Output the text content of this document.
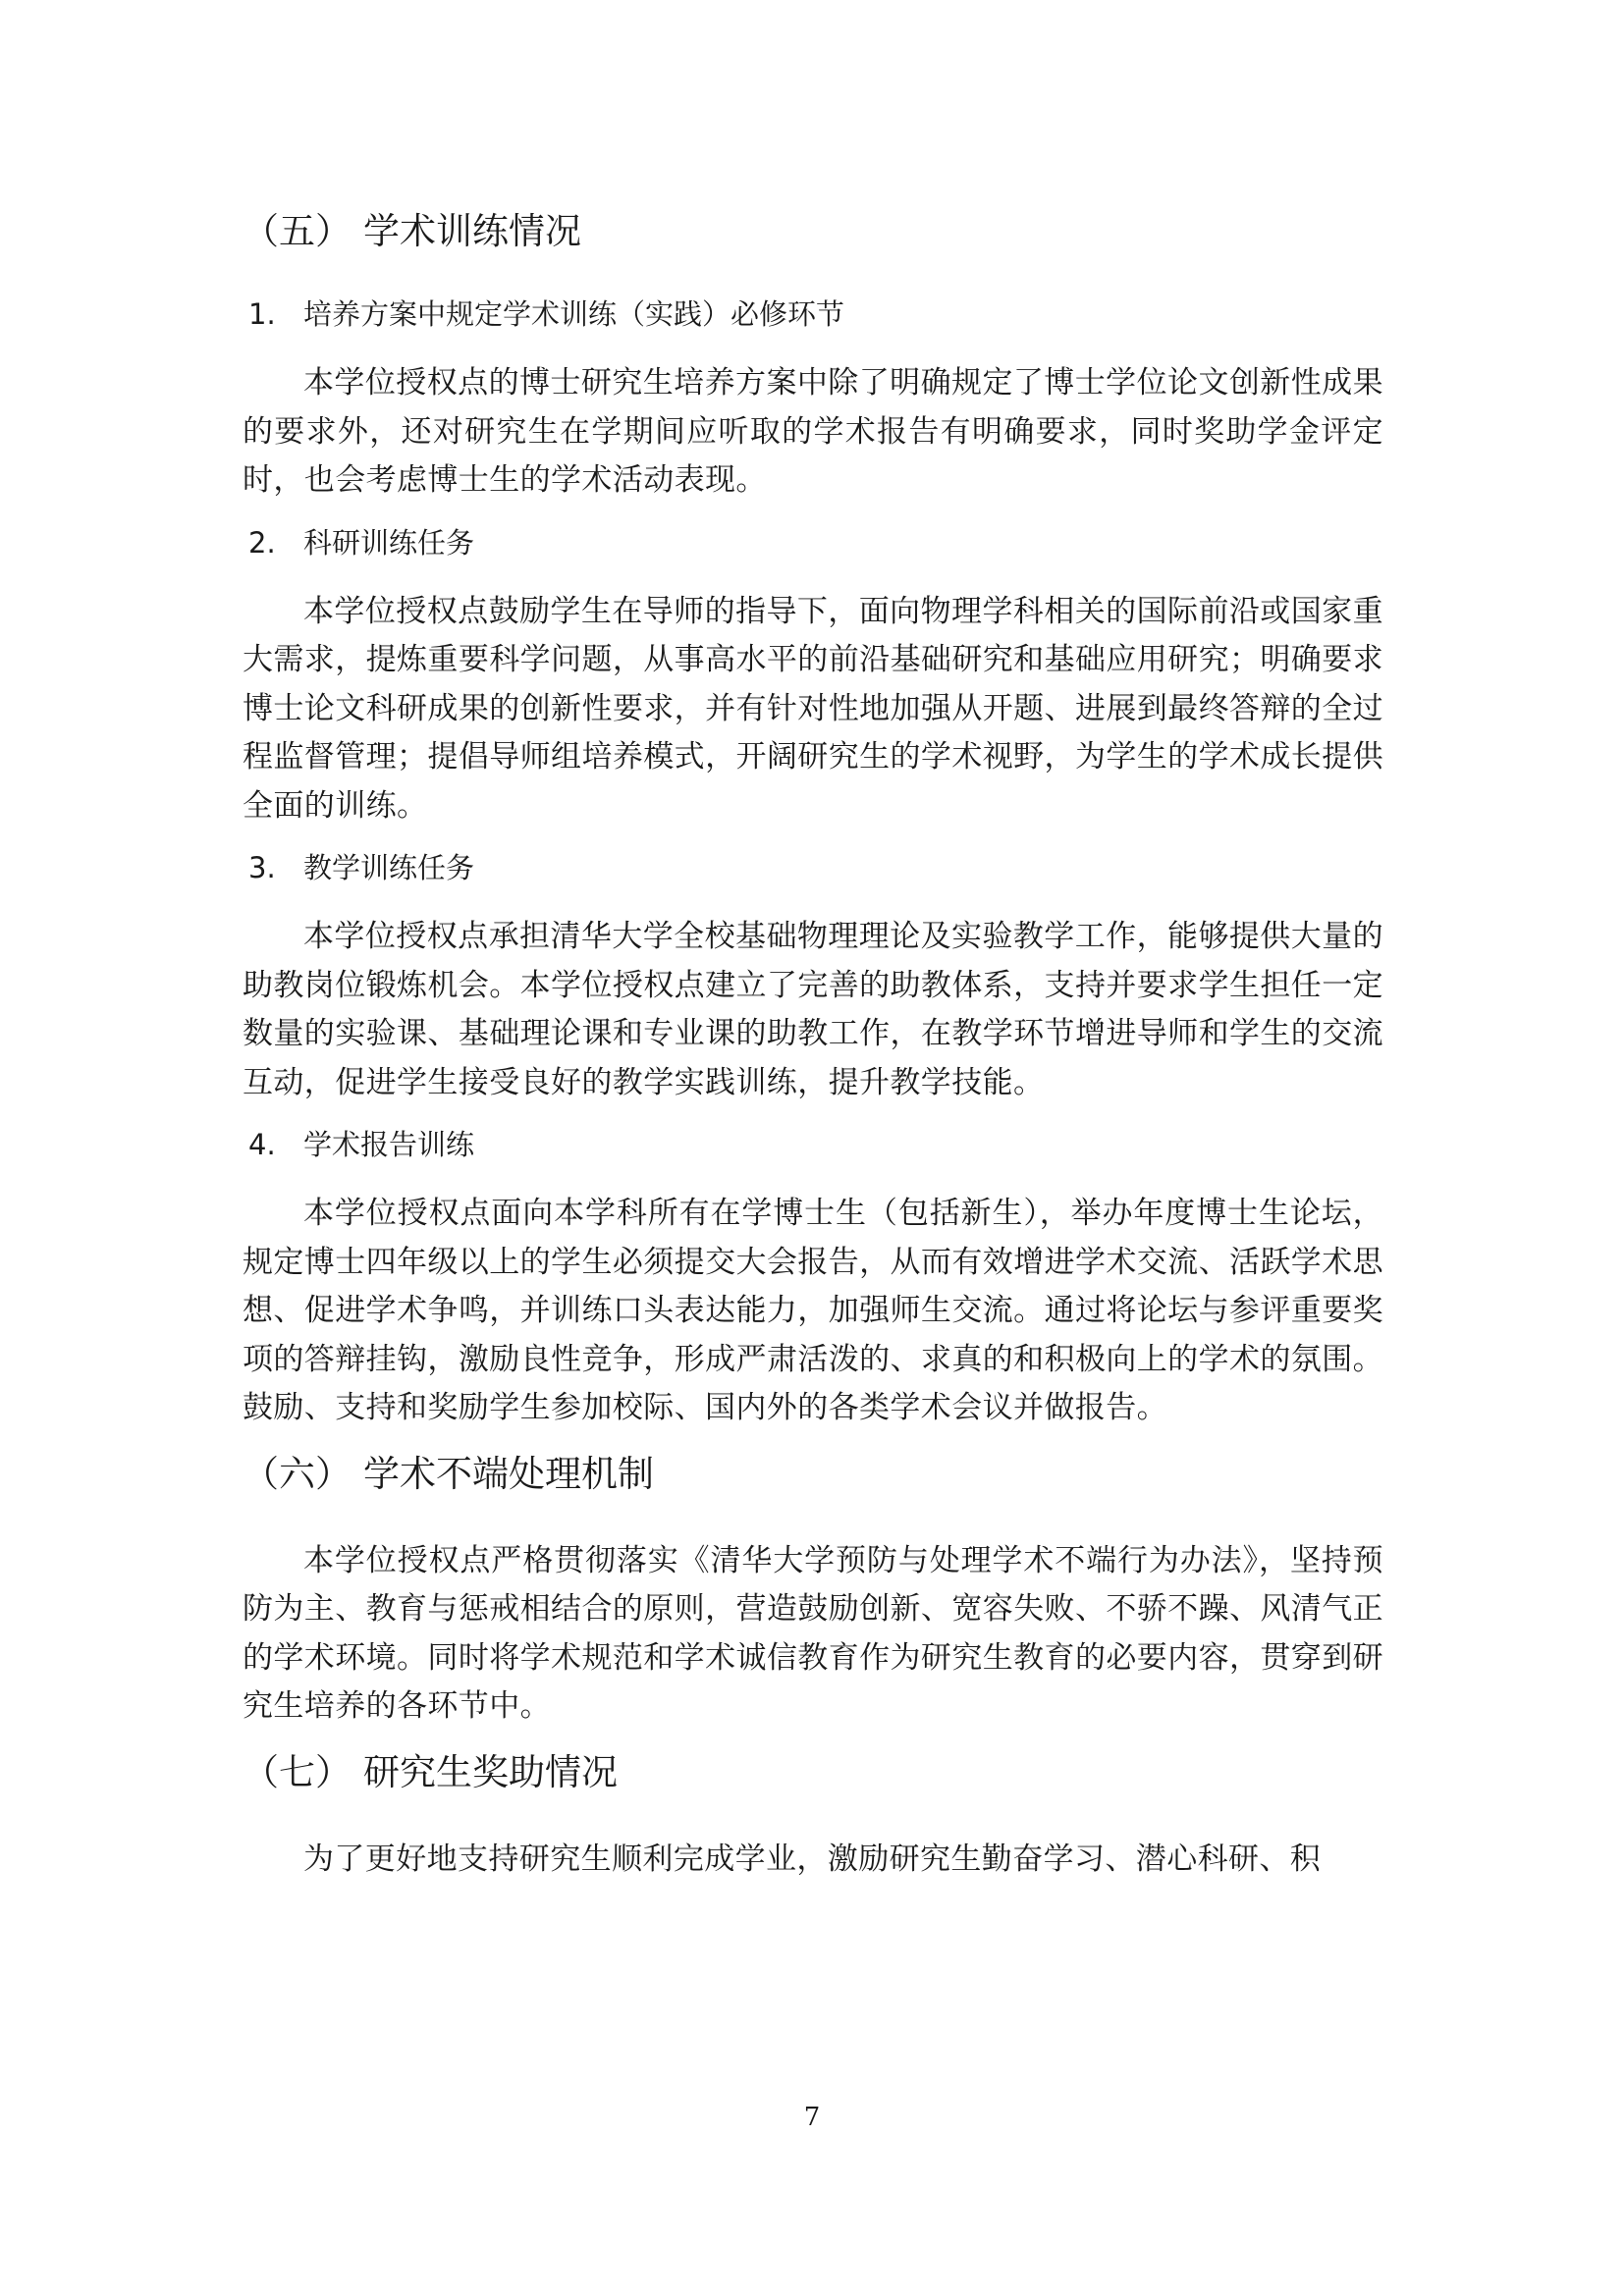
（五） 学术训练情况
1. 培养方案中规定学术训练（实践）必修环节

本学位授权点的博士研究生培养方案中除了明确规定了博士学位论文创新性成果的要求外，还对研究生在学期间应听取的学术报告有明确要求，同时奖助学金评定时，也会考虑博士生的学术活动表现。

2. 科研训练任务

本学位授权点鼓励学生在导师的指导下，面向物理学科相关的国际前沿或国家重大需求，提炼重要科学问题，从事高水平的前沿基础研究和基础应用研究；明确要求博士论文科研成果的创新性要求，并有针对性地加强从开题、进展到最终答辩的全过程监督管理；提倡导师组培养模式，开阔研究生的学术视野，为学生的学术成长提供全面的训练。

3. 教学训练任务

本学位授权点承担清华大学全校基础物理理论及实验教学工作，能够提供大量的助教岗位锻炼机会。本学位授权点建立了完善的助教体系，支持并要求学生担任一定数量的实验课、基础理论课和专业课的助教工作，在教学环节增进导师和学生的交流互动，促进学生接受良好的教学实践训练，提升教学技能。

4. 学术报告训练

本学位授权点面向本学科所有在学博士生（包括新生），举办年度博士生论坛，规定博士四年级以上的学生必须提交大会报告，从而有效增进学术交流、活跃学术思想、促进学术争鸣，并训练口头表达能力，加强师生交流。通过将论坛与参评重要奖项的答辩挂钩，激励良性竞争，形成严肃活泼的、求真的和积极向上的学术的氛围。鼓励、支持和奖励学生参加校际、国内外的各类学术会议并做报告。

（六） 学术不端处理机制

本学位授权点严格贯彻落实《清华大学预防与处理学术不端行为办法》，坚持预防为主、教育与惩戒相结合的原则，营造鼓励创新、宽容失败、不骄不躁、风清气正的学术环境。同时将学术规范和学术诚信教育作为研究生教育的必要内容，贯穿到研究生培养的各环节中。

（七） 研究生奖助情况

为了更好地支持研究生顺利完成学业，激励研究生勤奋学习、潜心科研、积

7
